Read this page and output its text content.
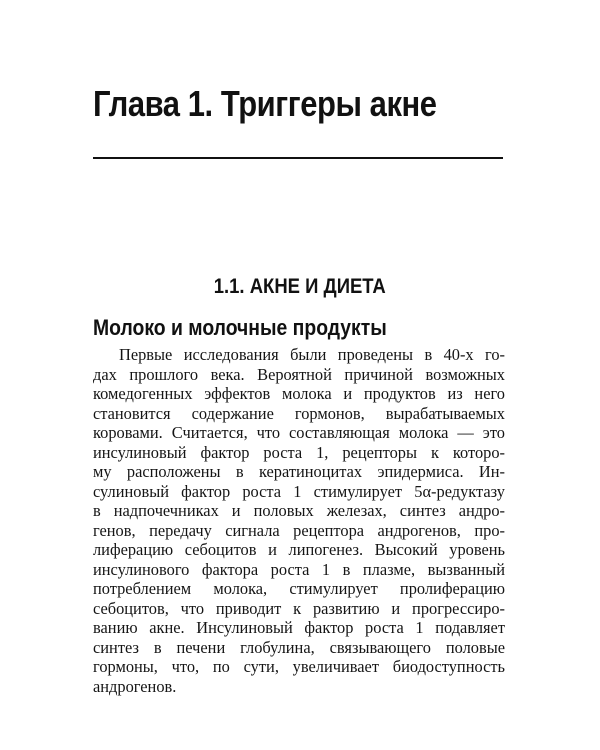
Глава 1. Триггеры акне
1.1. АКНЕ И ДИЕТА
Молоко и молочные продукты
Первые исследования были проведены в 40-х го-
дах прошлого века. Вероятной причиной возможных
комедогенных эффектов молока и продуктов из него
становится содержание гормонов, вырабатываемых
коровами. Считается, что составляющая молока — это
инсулиновый фактор роста 1, рецепторы к которо-
му расположены в кератиноцитах эпидермиса. Ин-
сулиновый фактор роста 1 стимулирует 5α-редуктазу
в надпочечниках и половых железах, синтез андро-
генов, передачу сигнала рецептора андрогенов, про-
лиферацию себоцитов и липогенез. Высокий уровень
инсулинового фактора роста 1 в плазме, вызванный
потреблением молока, стимулирует пролиферацию
себоцитов, что приводит к развитию и прогрессиро-
ванию акне. Инсулиновый фактор роста 1 подавляет
синтез в печени глобулина, связывающего половые
гормоны, что, по сути, увеличивает биодоступность
андрогенов.
